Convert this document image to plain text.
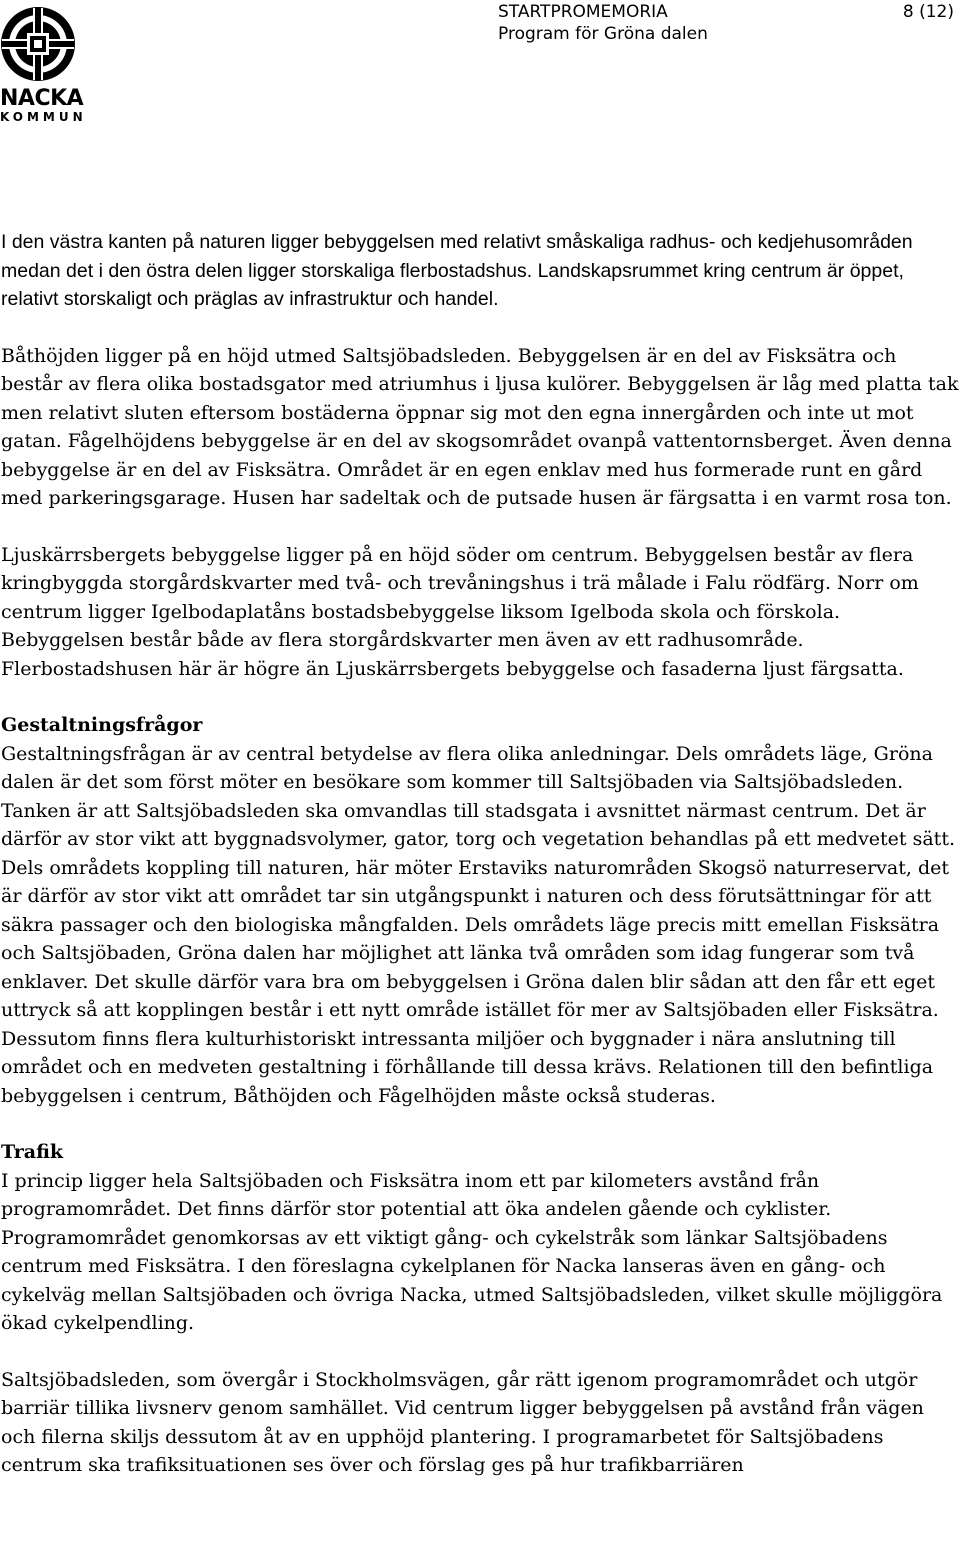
NACKA
KOMMUN
STARTPROMEMORIA	8 (12)
Program för Gröna dalen

I den västra kanten på naturen ligger bebyggelsen med relativt småskaliga radhus- och kedjehusområden medan det i den östra delen ligger storskaliga flerbostadshus. Landskapsrummet kring centrum är öppet, relativt storskaligt och präglas av infrastruktur och handel.

Båthöjden ligger på en höjd utmed Saltsjöbadsleden. Bebyggelsen är en del av Fisksätra och består av flera olika bostadsgator med atriumhus i ljusa kulörer. Bebyggelsen är låg med platta tak men relativt sluten eftersom bostäderna öppnar sig mot den egna innergården och inte ut mot gatan. Fågelhöjdens bebyggelse är en del av skogsområdet ovanpå vattentornsberget. Även denna bebyggelse är en del av Fisksätra. Området är en egen enklav med hus formerade runt en gård med parkeringsgarage. Husen har sadeltak och de putsade husen är färgsatta i en varmt rosa ton.

Ljuskärrsbergets bebyggelse ligger på en höjd söder om centrum. Bebyggelsen består av flera kringbyggda storgårdskvarter med två- och trevåningshus i trä målade i Falu rödfärg. Norr om centrum ligger Igelbodaplatåns bostadsbebyggelse liksom Igelboda skola och förskola. Bebyggelsen består både av flera storgårdskvarter men även av ett radhusområde. Flerbostadshusen här är högre än Ljuskärrsbergets bebyggelse och fasaderna ljust färgsatta.

Gestaltningsfrågor

Gestaltningsfrågan är av central betydelse av flera olika anledningar. Dels områdets läge, Gröna dalen är det som först möter en besökare som kommer till Saltsjöbaden via Saltsjöbadsleden. Tanken är att Saltsjöbadsleden ska omvandlas till stadsgata i avsnittet närmast centrum. Det är därför av stor vikt att byggnadsvolymer, gator, torg och vegetation behandlas på ett medvetet sätt. Dels områdets koppling till naturen, här möter Erstaviks naturområden Skogsö naturreservat, det är därför av stor vikt att området tar sin utgångspunkt i naturen och dess förutsättningar för att säkra passager och den biologiska mångfalden. Dels områdets läge precis mitt emellan Fisksätra och Saltsjöbaden, Gröna dalen har möjlighet att länka två områden som idag fungerar som två enklaver. Det skulle därför vara bra om bebyggelsen i Gröna dalen blir sådan att den får ett eget uttryck så att kopplingen består i ett nytt område istället för mer av Saltsjöbaden eller Fisksätra. Dessutom finns flera kulturhistoriskt intressanta miljöer och byggnader i nära anslutning till området och en medveten gestaltning i förhållande till dessa krävs. Relationen till den befintliga bebyggelsen i centrum, Båthöjden och Fågelhöjden måste också studeras.

Trafik

I princip ligger hela Saltsjöbaden och Fisksätra inom ett par kilometers avstånd från programområdet. Det finns därför stor potential att öka andelen gående och cyklister. Programområdet genomkorsas av ett viktigt gång- och cykelstråk som länkar Saltsjöbadens centrum med Fisksätra. I den föreslagna cykelplanen för Nacka lanseras även en gång- och cykelväg mellan Saltsjöbaden och övriga Nacka, utmed Saltsjöbadsleden, vilket skulle möjliggöra ökad cykelpendling.

Saltsjöbadsleden, som övergår i Stockholmsvägen, går rätt igenom programområdet och utgör barriär tillika livsnerv genom samhället. Vid centrum ligger bebyggelsen på avstånd från vägen och filerna skiljs dessutom åt av en upphöjd plantering. I programarbetet för Saltsjöbadens centrum ska trafiksituationen ses över och förslag ges på hur trafikbarriären
